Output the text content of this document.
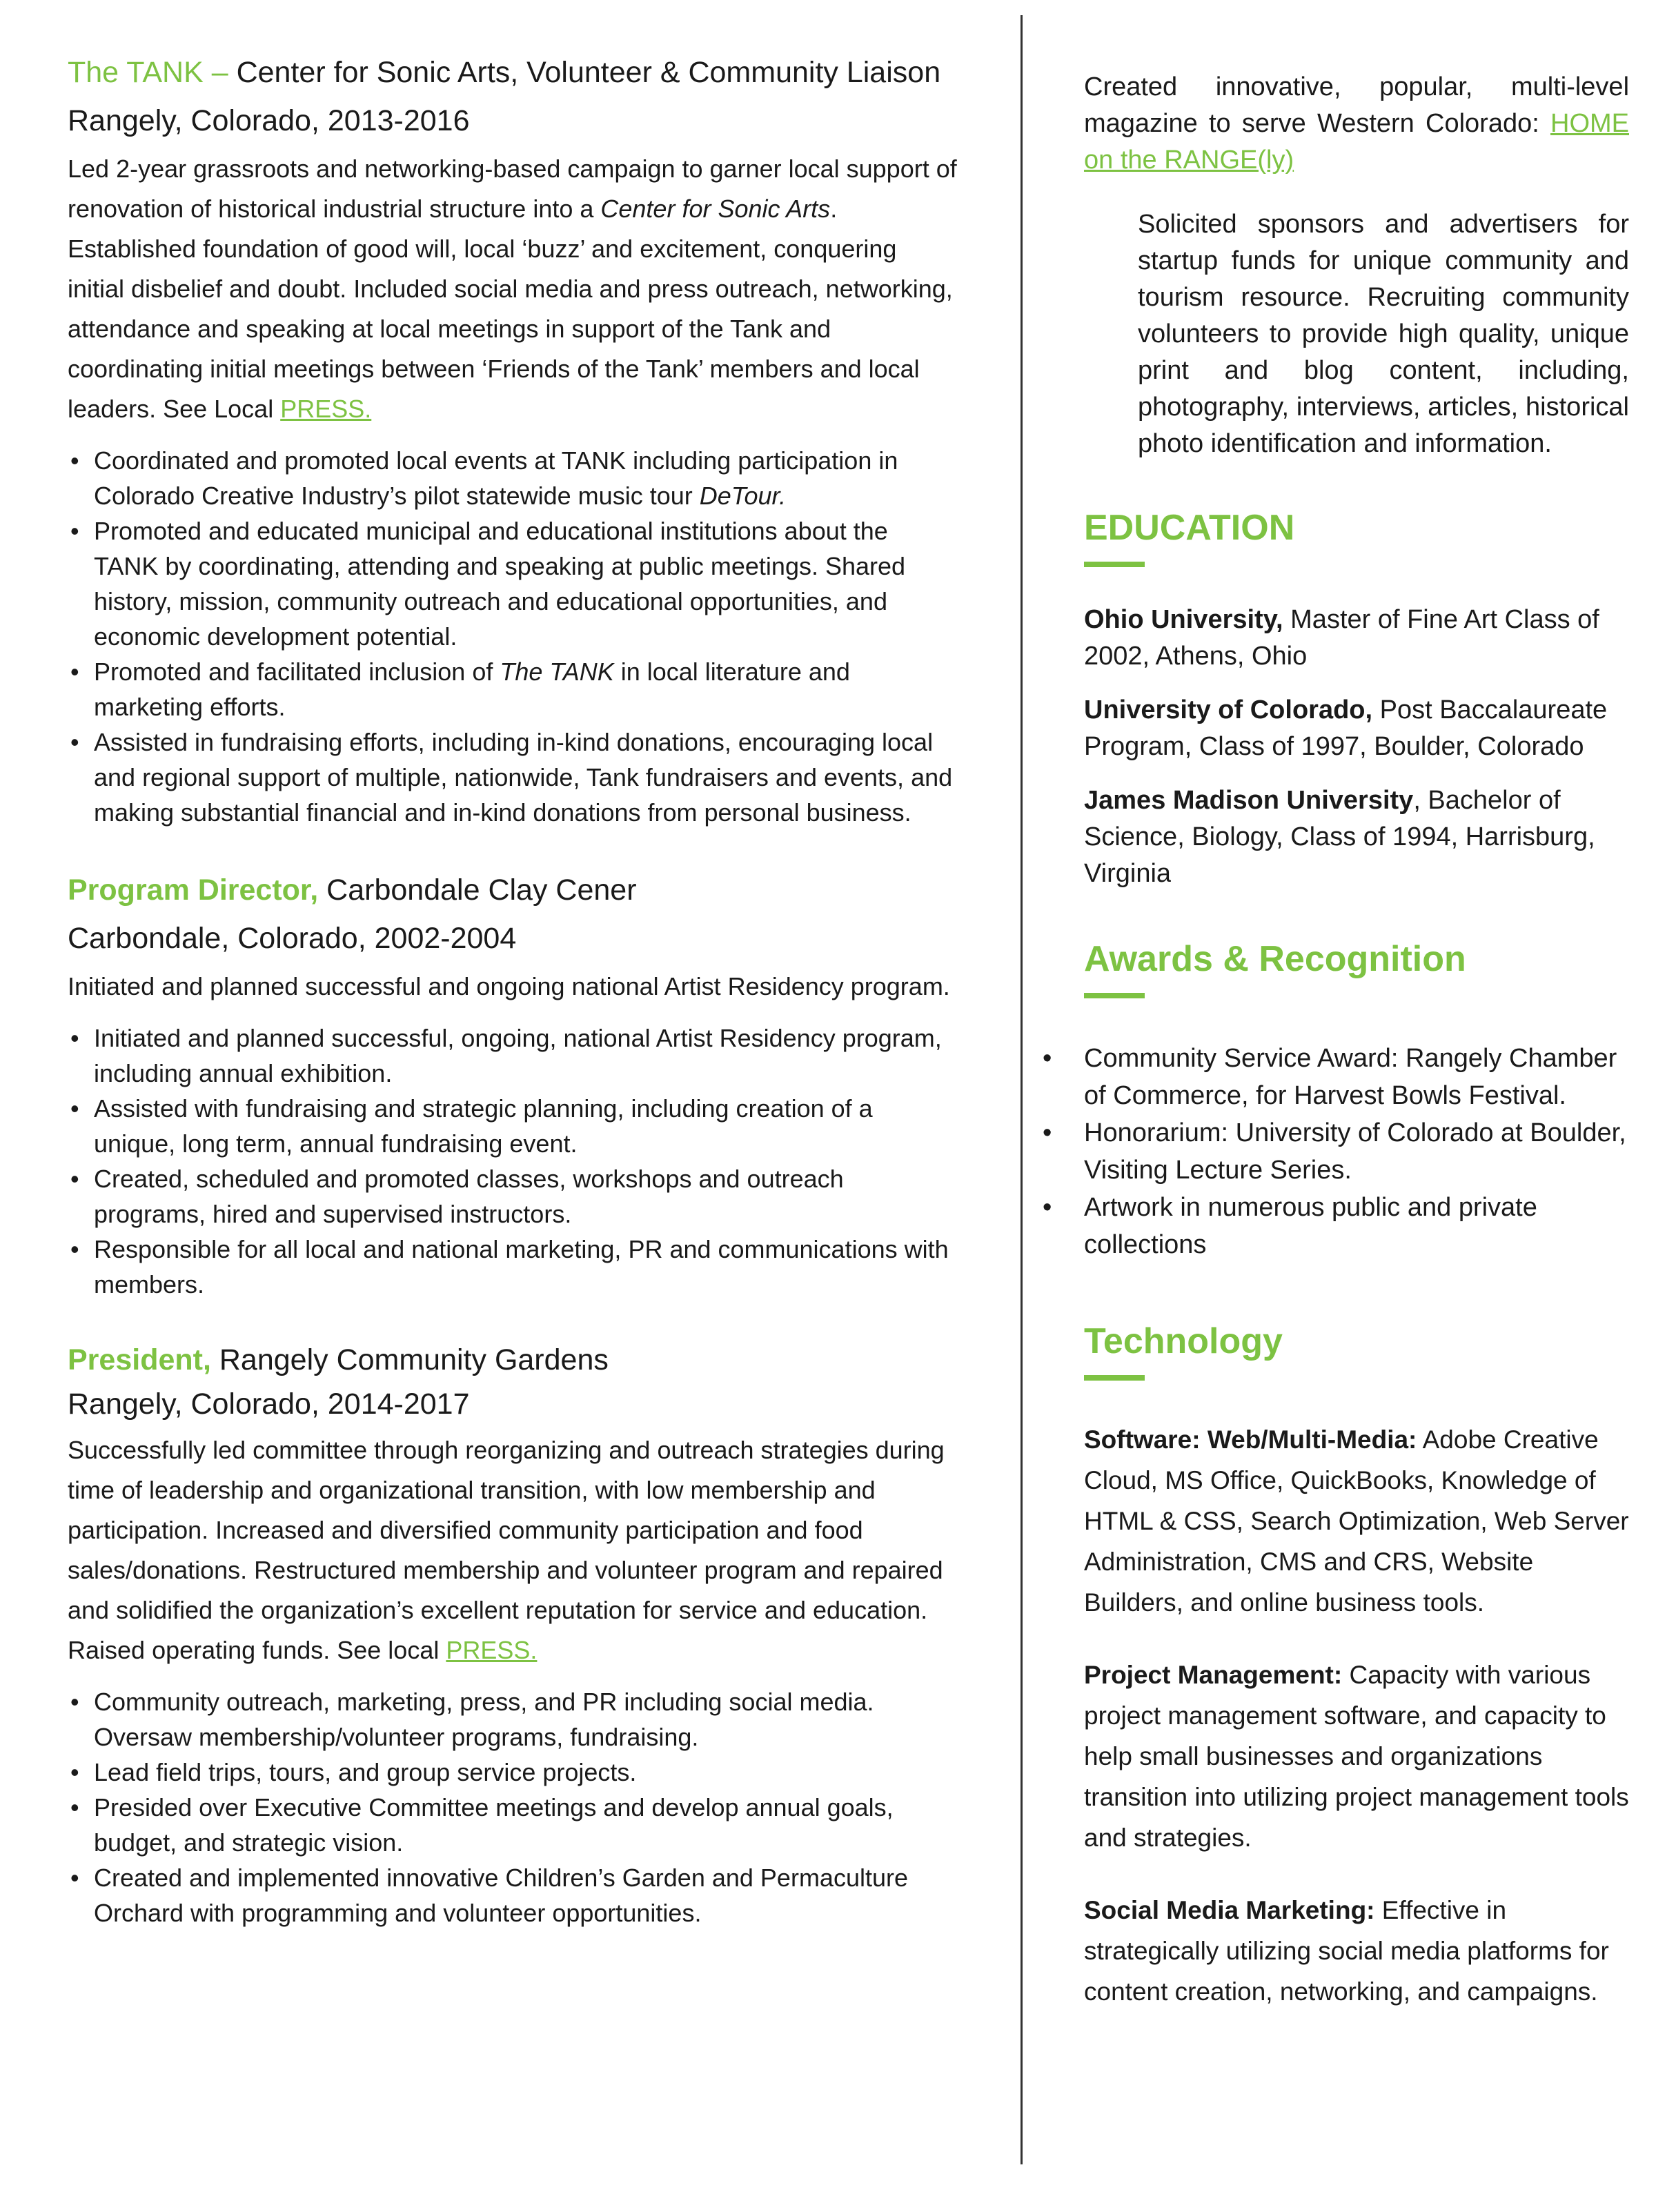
The TANK – Center for Sonic Arts, Volunteer & Community Liaison

Rangely, Colorado, 2013-2016

Led 2-year grassroots and networking-based campaign to garner local support of renovation of historical industrial structure into a Center for Sonic Arts. Established foundation of good will, local ‘buzz’ and excitement, conquering initial disbelief and doubt. Included social media and press outreach, networking, attendance and speaking at local meetings in support of the Tank and coordinating initial meetings between ‘Friends of the Tank’ members and local leaders. See Local PRESS.

• Coordinated and promoted local events at TANK including participation in Colorado Creative Industry’s pilot statewide music tour DeTour.
• Promoted and educated municipal and educational institutions about the TANK by coordinating, attending and speaking at public meetings. Shared history, mission, community outreach and educational opportunities, and economic development potential.
• Promoted and facilitated inclusion of The TANK in local literature and marketing efforts.
• Assisted in fundraising efforts, including in-kind donations, encouraging local and regional support of multiple, nationwide, Tank fundraisers and events, and making substantial financial and in-kind donations from personal business.

Program Director, Carbondale Clay Cener

Carbondale, Colorado, 2002-2004

Initiated and planned successful and ongoing national Artist Residency program.

• Initiated and planned successful, ongoing, national Artist Residency program, including annual exhibition.
• Assisted with fundraising and strategic planning, including creation of a unique, long term, annual fundraising event.
• Created, scheduled and promoted classes, workshops and outreach programs, hired and supervised instructors.
• Responsible for all local and national marketing, PR and communications with members.

President, Rangely Community Gardens

Rangely, Colorado, 2014-2017

Successfully led committee through reorganizing and outreach strategies during time of leadership and organizational transition, with low membership and participation. Increased and diversified community participation and food sales/donations. Restructured membership and volunteer program and repaired and solidified the organization’s excellent reputation for service and education. Raised operating funds. See local PRESS.

• Community outreach, marketing, press, and PR including social media. Oversaw membership/volunteer programs, fundraising.
• Lead field trips, tours, and group service projects.
• Presided over Executive Committee meetings and develop annual goals, budget, and strategic vision.
• Created and implemented innovative Children’s Garden and Permaculture Orchard with programming and volunteer opportunities.

Created innovative, popular, multi-level magazine to serve Western Colorado: HOME on the RANGE(ly)

Solicited sponsors and advertisers for startup funds for unique community and tourism resource. Recruiting community volunteers to provide high quality, unique print and blog content, including, photography, interviews, articles, historical photo identification and information.

EDUCATION

Ohio University, Master of Fine Art Class of 2002, Athens, Ohio

University of Colorado, Post Baccalaureate Program, Class of 1997, Boulder, Colorado

James Madison University, Bachelor of Science, Biology, Class of 1994, Harrisburg, Virginia

Awards & Recognition

• Community Service Award: Rangely Chamber of Commerce, for Harvest Bowls Festival.
• Honorarium: University of Colorado at Boulder, Visiting Lecture Series.
• Artwork in numerous public and private collections

Technology

Software: Web/Multi-Media: Adobe Creative Cloud, MS Office, QuickBooks, Knowledge of HTML & CSS, Search Optimization, Web Server Administration, CMS and CRS, Website Builders, and online business tools.

Project Management: Capacity with various project management software, and capacity to help small businesses and organizations transition into utilizing project management tools and strategies.

Social Media Marketing: Effective in strategically utilizing social media platforms for content creation, networking, and campaigns.
